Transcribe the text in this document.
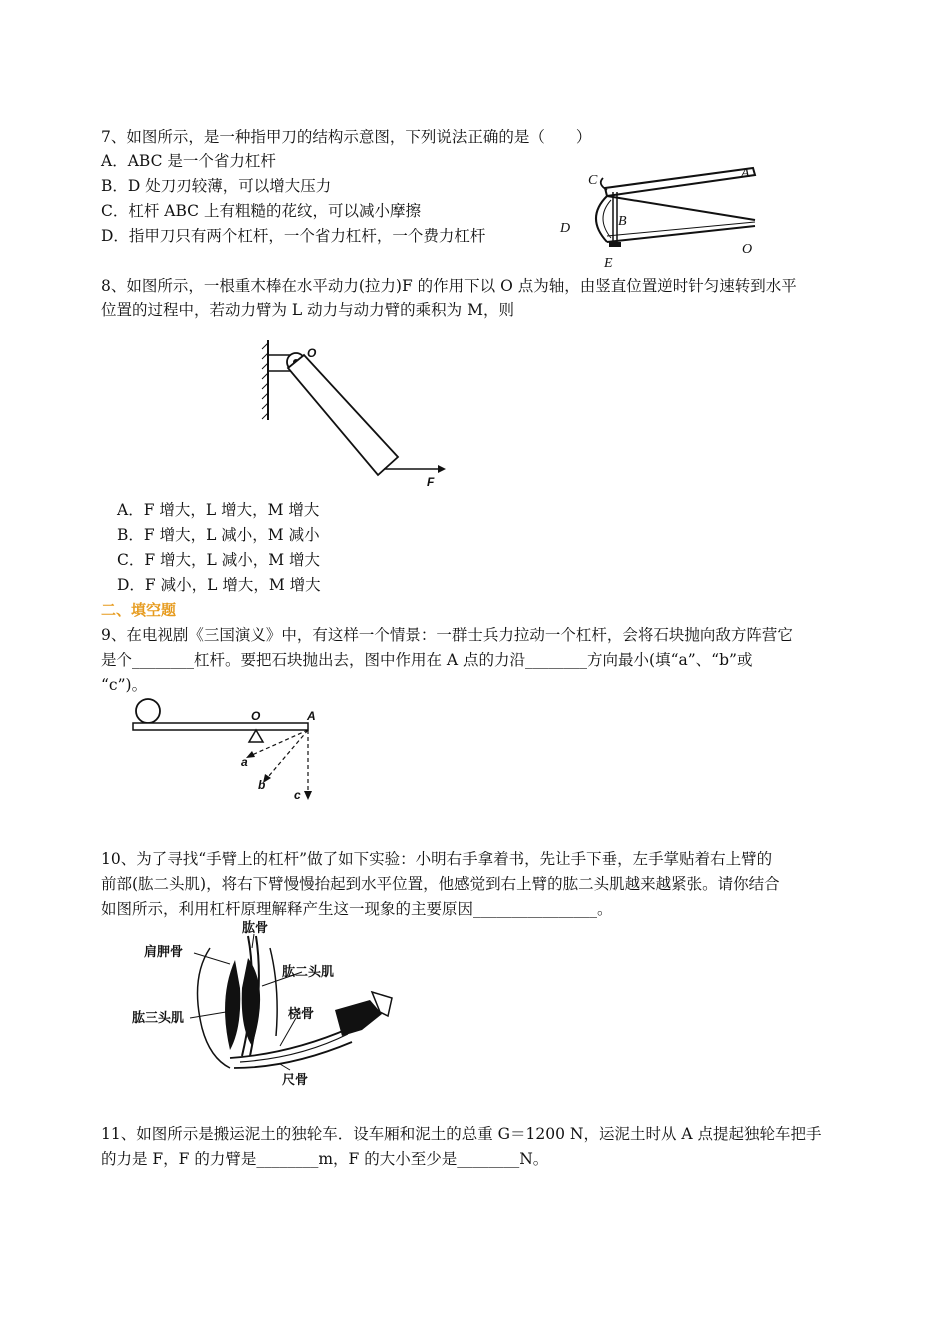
7、如图所示，是一种指甲刀的结构示意图，下列说法正确的是（　　）
A．ABC 是一个省力杠杆
B．D 处刀刃较薄，可以增大压力
C．杠杆 ABC 上有粗糙的花纹，可以减小摩擦
D．指甲刀只有两个杠杆，一个省力杠杆，一个费力杠杆
C	A
B
D
E
O
8、如图所示，一根重木棒在水平动力(拉力)F 的作用下以 O 点为轴，由竖直位置逆时针匀速转到水平
位置的过程中，若动力臂为 L 动力与动力臂的乘积为 M，则
O
F
A．F 增大，L 增大，M 增大
B．F 增大，L 减小，M 减小
C．F 增大，L 减小，M 增大
D．F 减小，L 增大，M 增大
二、填空题
9、在电视剧《三国演义》中，有这样一个情景：一群士兵力拉动一个杠杆，会将石块抛向敌方阵营它
是个________杠杆。要把石块抛出去，图中作用在 A 点的力沿________方向最小(填“a”、“b”或
“c”)。
O	A
a
b
c
10、为了寻找“手臂上的杠杆”做了如下实验：小明右手拿着书，先让手下垂，左手掌贴着右上臂的
前部(肱二头肌)，将右下臂慢慢抬起到水平位置，他感觉到右上臂的肱二头肌越来越紧张。请你结合
如图所示，利用杠杆原理解释产生这一现象的主要原因________________。
肱骨
肩胛骨
肱二头肌
肱三头肌	桡骨
尺骨
11、如图所示是搬运泥土的独轮车．设车厢和泥土的总重 G＝1200 N，运泥土时从 A 点提起独轮车把手
的力是 F，F 的力臂是________m，F 的大小至少是________N。
